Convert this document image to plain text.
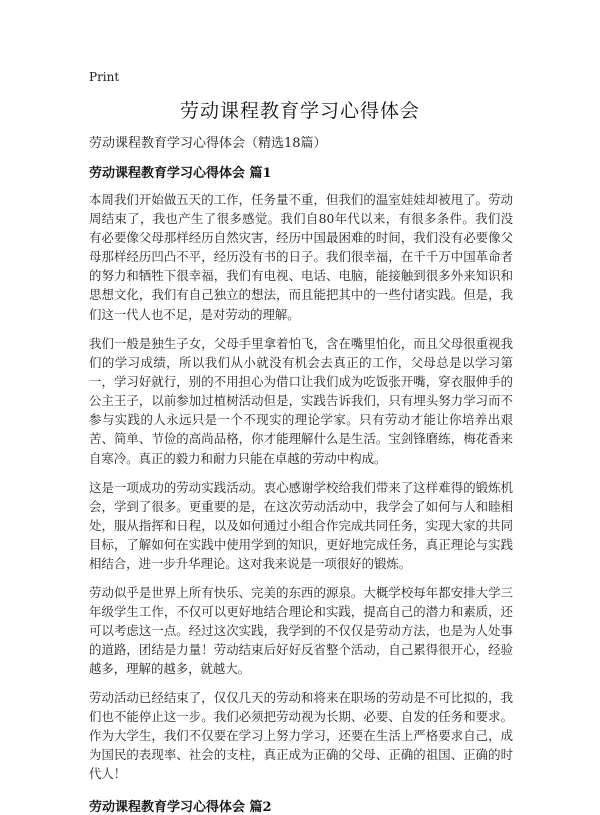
Print
劳动课程教育学习心得体会
劳动课程教育学习心得体会（精选18篇）
劳动课程教育学习心得体会 篇1

本周我们开始做五天的工作，任务量不重，但我们的温室娃娃却被甩了。劳动周结束了，我也产生了很多感觉。我们自80年代以来，有很多条件。我们没有必要像父母那样经历自然灾害，经历中国最困难的时间，我们没有必要像父母那样经历凹凸不平，经历没有书的日子。我们很幸福，在千千万中国革命者的努力和牺牲下很幸福，我们有电视、电话、电脑，能接触到很多外来知识和思想文化，我们有自己独立的想法，而且能把其中的一些付诸实践。但是，我们这一代人也不足，是对劳动的理解。

我们一般是独生子女，父母手里拿着怕飞，含在嘴里怕化，而且父母很重视我们的学习成绩，所以我们从小就没有机会去真正的工作，父母总是以学习第一，学习好就行，别的不用担心为借口让我们成为吃饭张开嘴，穿衣服伸手的公主王子，以前参加过植树活动但是，实践告诉我们，只有埋头努力学习而不参与实践的人永远只是一个不现实的理论学家。只有劳动才能让你培养出艰苦、简单、节俭的高尚品格，你才能理解什么是生活。宝剑锋磨练，梅花香来自寒冷。真正的毅力和耐力只能在卓越的劳动中构成。

这是一项成功的劳动实践活动。衷心感谢学校给我们带来了这样难得的锻炼机会，学到了很多。更重要的是，在这次劳动活动中，我学会了如何与人和睦相处，服从指挥和日程，以及如何通过小组合作完成共同任务，实现大家的共同目标，了解如何在实践中使用学到的知识，更好地完成任务，真正理论与实践相结合，进一步升华理论。这对我来说是一项很好的锻炼。

劳动似乎是世界上所有快乐、完美的东西的源泉。大概学校每年都安排大学三年级学生工作，不仅可以更好地结合理论和实践，提高自己的潜力和素质，还可以考虑这一点。经过这次实践，我学到的不仅仅是劳动方法，也是为人处事的道路，团结是力量！劳动结束后好好反省整个活动，自己累得很开心，经验越多，理解的越多，就越大。

劳动活动已经结束了，仅仅几天的劳动和将来在职场的劳动是不可比拟的，我们也不能停止这一步。我们必须把劳动视为长期、必要、自发的任务和要求。作为大学生，我们不仅要在学习上努力学习，还要在生活上严格要求自己，成为国民的表现率、社会的支柱，真正成为正确的父母、正确的祖国、正确的时代人！

劳动课程教育学习心得体会 篇2
